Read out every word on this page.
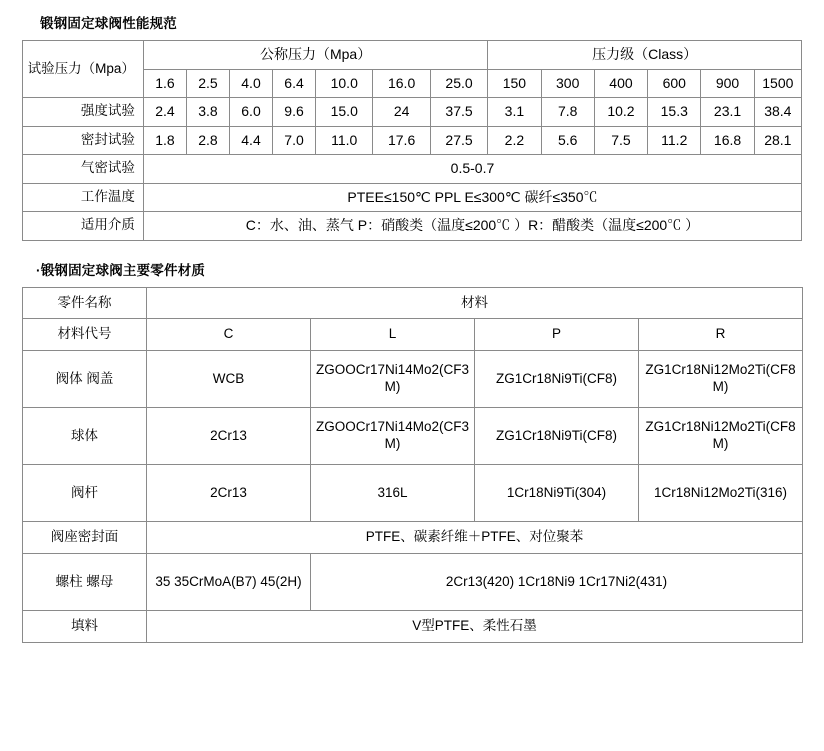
锻钢固定球阀性能规范
试验压力（Mpa）	公称压力（Mpa）							压力级（Class）					
	1.6	2.5	4.0	6.4	10.0	16.0	25.0	150	300	400	600	900	1500
强度试验	2.4	3.8	6.0	9.6	15.0	24	37.5	3.1	7.8	10.2	15.3	23.1	38.4
密封试验	1.8	2.8	4.4	7.0	11.0	17.6	27.5	2.2	5.6	7.5	11.2	16.8	28.1
气密试验	0.5-0.7												
工作温度	PTEE≤150℃ PPL E≤300℃ 碳纤≤350℃												
适用介质	C：水、油、蒸气 P：硝酸类（温度≤200℃ ）R：醋酸类（温度≤200℃ ）												
·锻钢固定球阀主要零件材质
零件名称	材料			
材料代号	C	L	P	R
阀体 阀盖	WCB	ZGOOCr17Ni14Mo2(CF3M)	ZG1Cr18Ni9Ti(CF8)	ZG1Cr18Ni12Mo2Ti(CF8M)
球体	2Cr13	ZGOOCr17Ni14Mo2(CF3M)	ZG1Cr18Ni9Ti(CF8)	ZG1Cr18Ni12Mo2Ti(CF8M)
阀杆	2Cr13	316L	1Cr18Ni9Ti(304)	1Cr18Ni12Mo2Ti(316)
阀座密封面	PTFE、碳素纤维＋PTFE、对位聚苯			
螺柱 螺母	35 35CrMoA(B7) 45(2H)	2Cr13(420) 1Cr18Ni9 1Cr17Ni2(431)		
填料	V型PTFE、柔性石墨			
